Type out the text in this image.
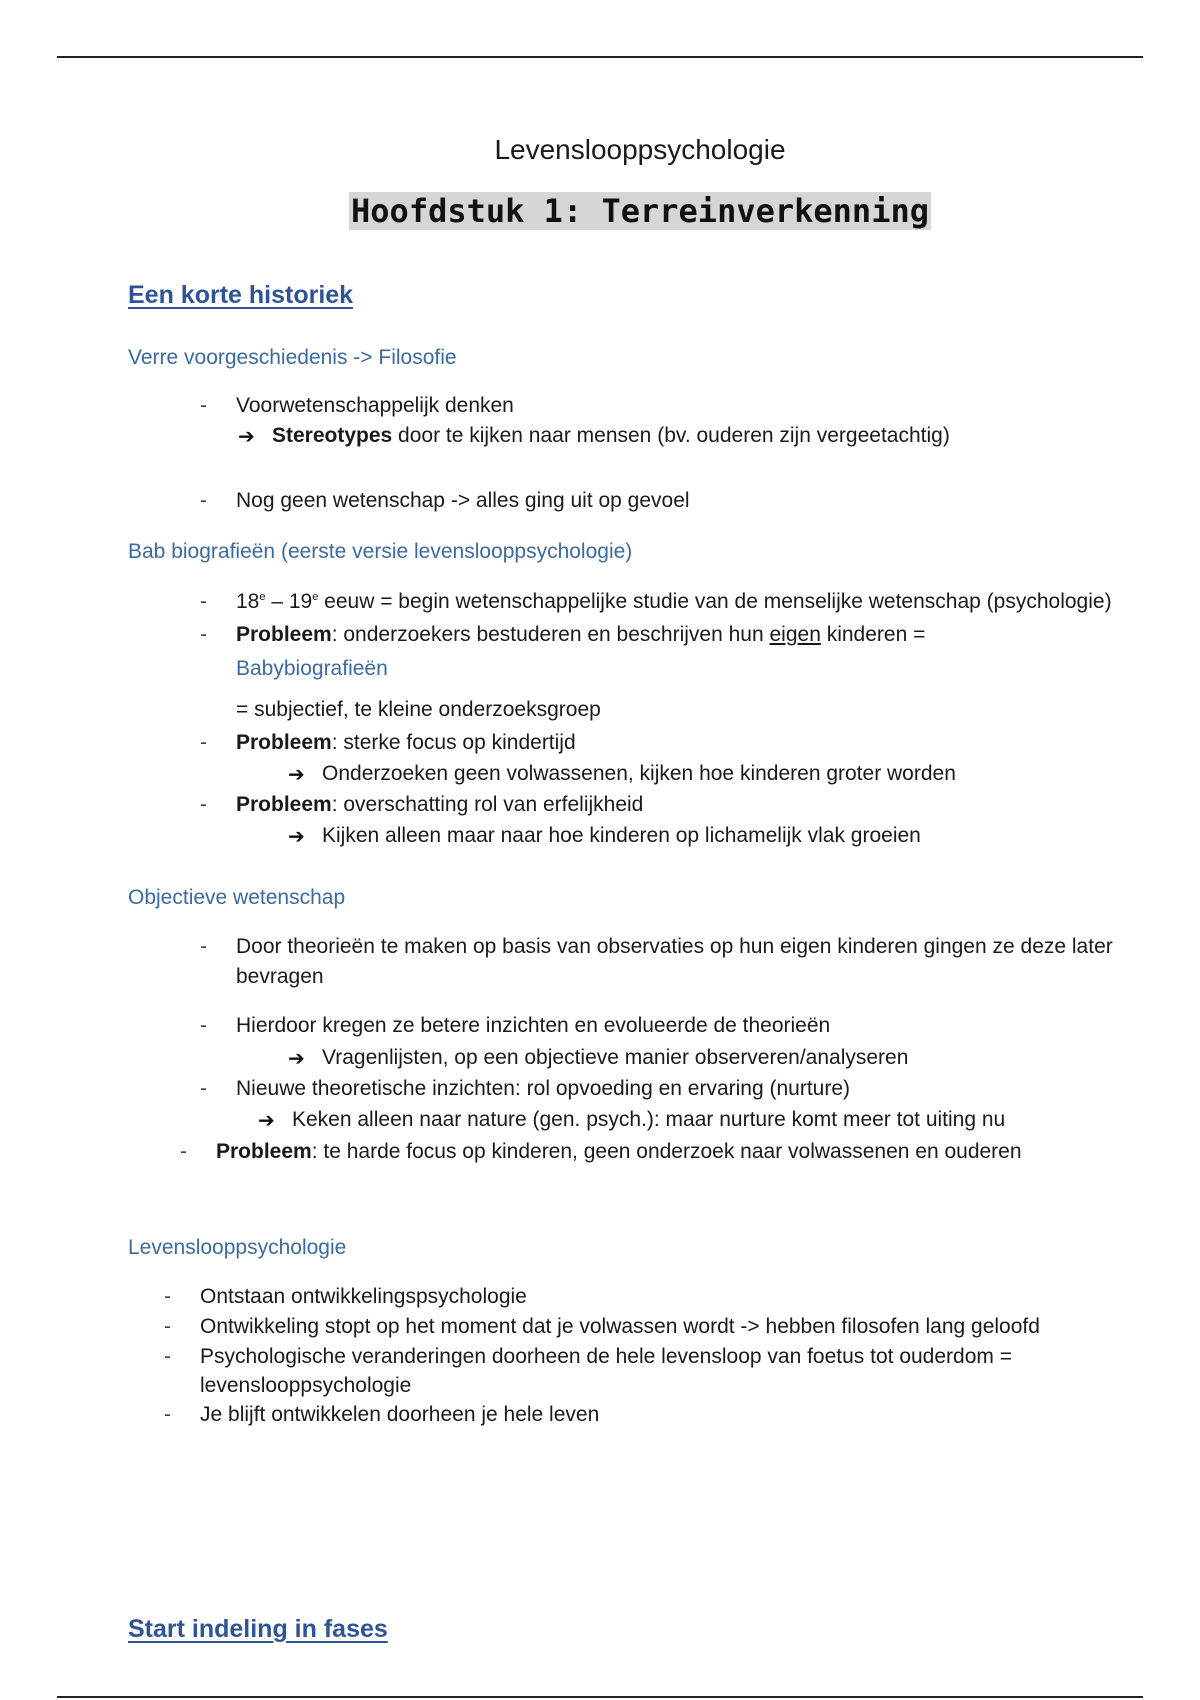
Levenslooppsychologie
Hoofdstuk 1: Terreinverkenning
Een korte historiek
Verre voorgeschiedenis -> Filosofie
- Voorwetenschappelijk denken
➔ Stereotypes door te kijken naar mensen (bv. ouderen zijn vergeetachtig)
- Nog geen wetenschap -> alles ging uit op gevoel
Bab biografieën (eerste versie levenslooppsychologie)
- 18e – 19e eeuw = begin wetenschappelijke studie van de menselijke wetenschap (psychologie)
- Probleem: onderzoekers bestuderen en beschrijven hun eigen kinderen =
Babybiografieën
= subjectief, te kleine onderzoeksgroep
- Probleem: sterke focus op kindertijd
➔ Onderzoeken geen volwassenen, kijken hoe kinderen groter worden
- Probleem: overschatting rol van erfelijkheid
➔ Kijken alleen maar naar hoe kinderen op lichamelijk vlak groeien
Objectieve wetenschap
- Door theorieën te maken op basis van observaties op hun eigen kinderen gingen ze deze later
bevragen
- Hierdoor kregen ze betere inzichten en evolueerde de theorieën
➔ Vragenlijsten, op een objectieve manier observeren/analyseren
- Nieuwe theoretische inzichten: rol opvoeding en ervaring (nurture)
➔ Keken alleen naar nature (gen. psych.): maar nurture komt meer tot uiting nu
- Probleem: te harde focus op kinderen, geen onderzoek naar volwassenen en ouderen
Levenslooppsychologie
- Ontstaan ontwikkelingspsychologie
- Ontwikkeling stopt op het moment dat je volwassen wordt -> hebben filosofen lang geloofd
- Psychologische veranderingen doorheen de hele levensloop van foetus tot ouderdom =
levenslooppsychologie
- Je blijft ontwikkelen doorheen je hele leven
Start indeling in fases
